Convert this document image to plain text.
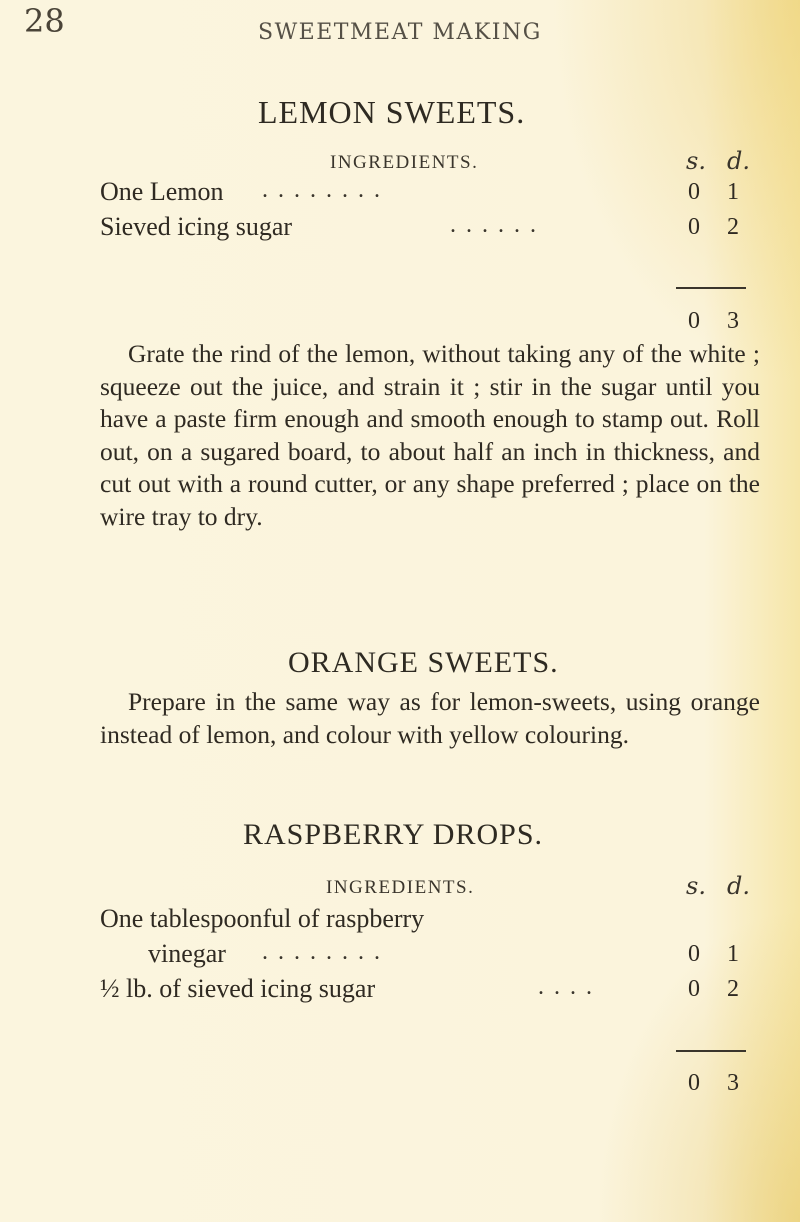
28	SWEETMEAT MAKING
LEMON SWEETS.
INGREDIENTS.	s. d.
One Lemon . . . . . . . .	0 1
Sieved icing sugar	. . . . . .	0 2
0 3
Grate the rind of the lemon, without taking any of the white ; squeeze out the juice, and strain it ; stir in the sugar until you have a paste firm enough and smooth enough to stamp out. Roll out, on a sugared board, to about half an inch in thickness, and cut out with a round cutter, or any shape preferred ; place on the wire tray to dry.
ORANGE SWEETS.
Prepare in the same way as for lemon-sweets, using orange instead of lemon, and colour with yellow colouring.
RASPBERRY DROPS.
INGREDIENTS.	s. d.
One tablespoonful of raspberry
vinegar . . . . . . . .	0 1
½ lb. of sieved icing sugar	. . . .	0 2
0 3
